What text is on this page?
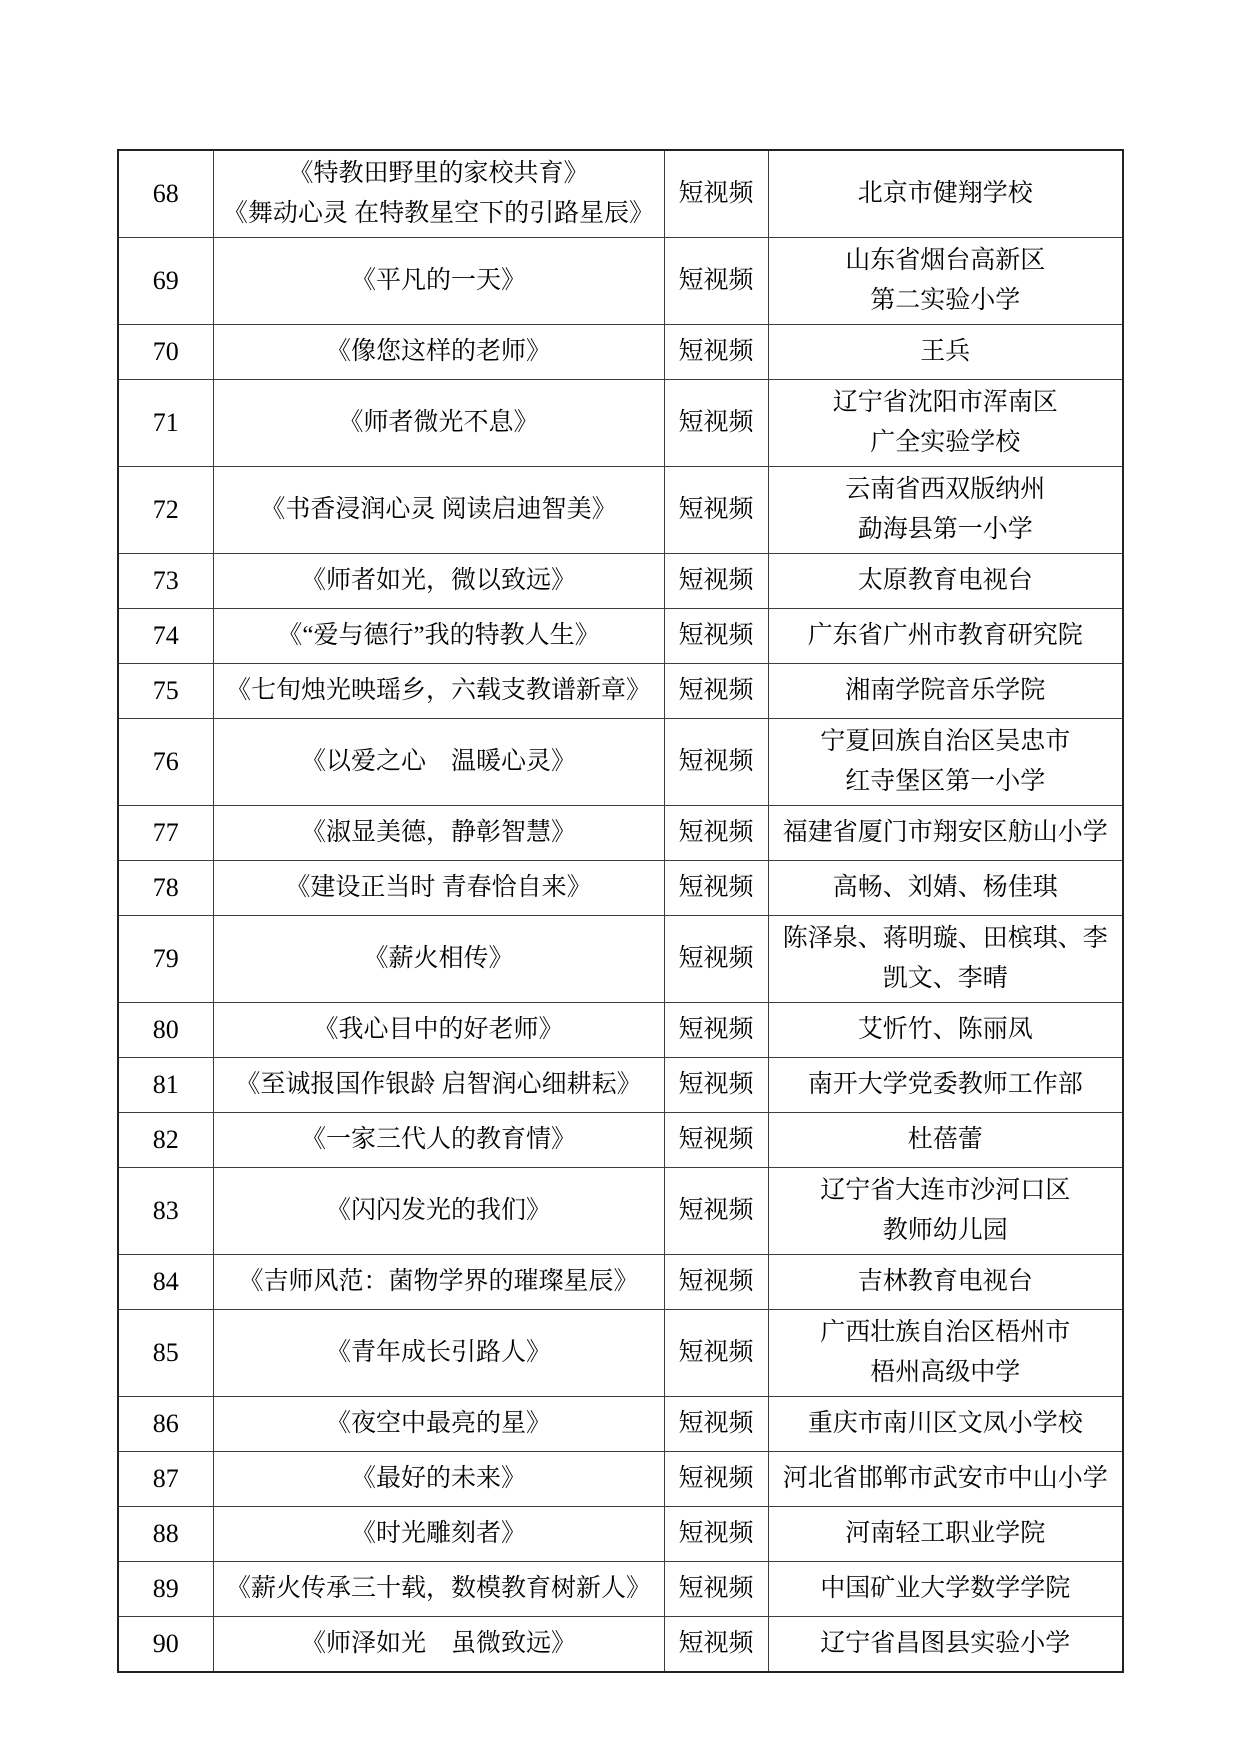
68	《特教田野里的家校共育》
《舞动心灵 在特教星空下的引路星辰》	短视频	北京市健翔学校

69	《平凡的一天》	短视频	山东省烟台高新区
第二实验小学

70	《像您这样的老师》	短视频	王兵

71	《师者微光不息》	短视频	辽宁省沈阳市浑南区
广全实验学校

72	《书香浸润心灵 阅读启迪智美》	短视频	云南省西双版纳州
勐海县第一小学

73	《师者如光，微以致远》	短视频	太原教育电视台

74	《“爱与德行”我的特教人生》	短视频	广东省广州市教育研究院

75	《七旬烛光映瑶乡，六载支教谱新章》	短视频	湘南学院音乐学院

76	《以爱之心　温暖心灵》	短视频	宁夏回族自治区吴忠市
红寺堡区第一小学

77	《淑显美德，静彰智慧》	短视频	福建省厦门市翔安区舫山小学

78	《建设正当时 青春恰自来》	短视频	高畅、刘婧、杨佳琪

79	《薪火相传》	短视频	陈泽泉、蒋明璇、田槟琪、李
凯文、李晴

80	《我心目中的好老师》	短视频	艾忻竹、陈丽凤

81	《至诚报国作银龄 启智润心细耕耘》	短视频	南开大学党委教师工作部

82	《一家三代人的教育情》	短视频	杜蓓蕾

83	《闪闪发光的我们》	短视频	辽宁省大连市沙河口区
教师幼儿园

84	《吉师风范：菌物学界的璀璨星辰》	短视频	吉林教育电视台

85	《青年成长引路人》	短视频	广西壮族自治区梧州市
梧州高级中学

86	《夜空中最亮的星》	短视频	重庆市南川区文凤小学校

87	《最好的未来》	短视频	河北省邯郸市武安市中山小学

88	《时光雕刻者》	短视频	河南轻工职业学院

89	《薪火传承三十载，数模教育树新人》	短视频	中国矿业大学数学学院

90	《师泽如光　虽微致远》	短视频	辽宁省昌图县实验小学
